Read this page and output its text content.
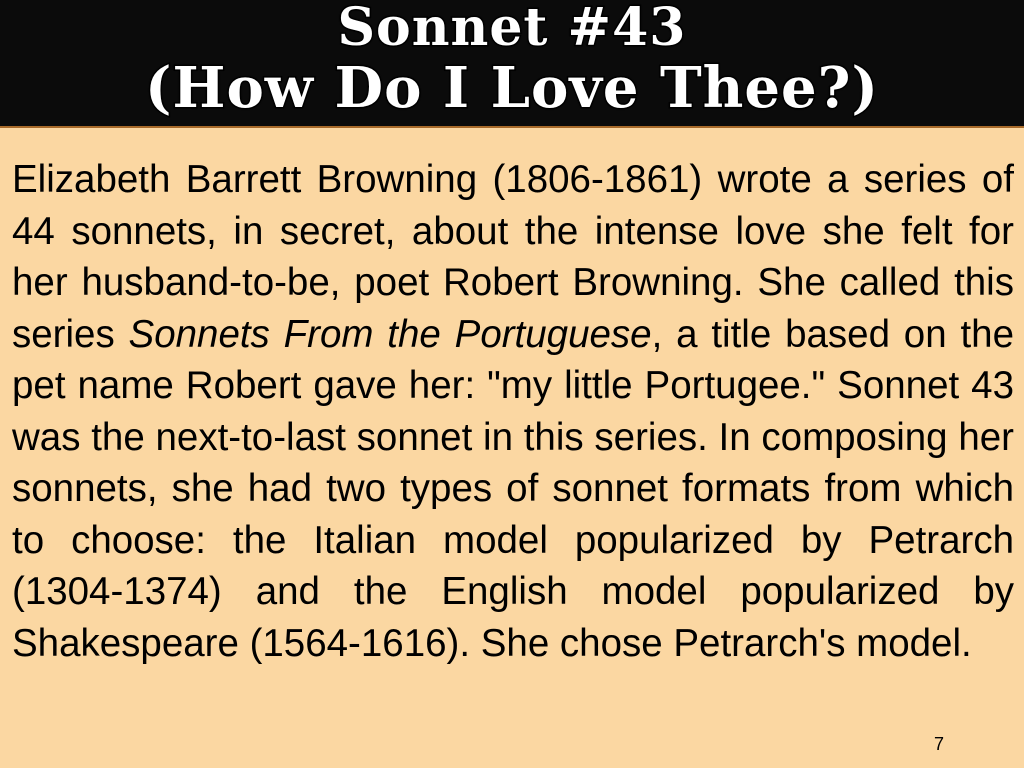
Sonnet #43
(How Do I Love Thee?)

Elizabeth Barrett Browning (1806-1861) wrote a series of 44 sonnets, in secret, about the intense love she felt for her husband-to-be, poet Robert Browning. She called this series Sonnets From the Portuguese, a title based on the pet name Robert gave her: "my little Portugee." Sonnet 43 was the next-to-last sonnet in this series. In composing her sonnets, she had two types of sonnet formats from which to choose: the Italian model popularized by Petrarch (1304-1374) and the English model popularized by Shakespeare (1564-1616). She chose Petrarch's model.

7
